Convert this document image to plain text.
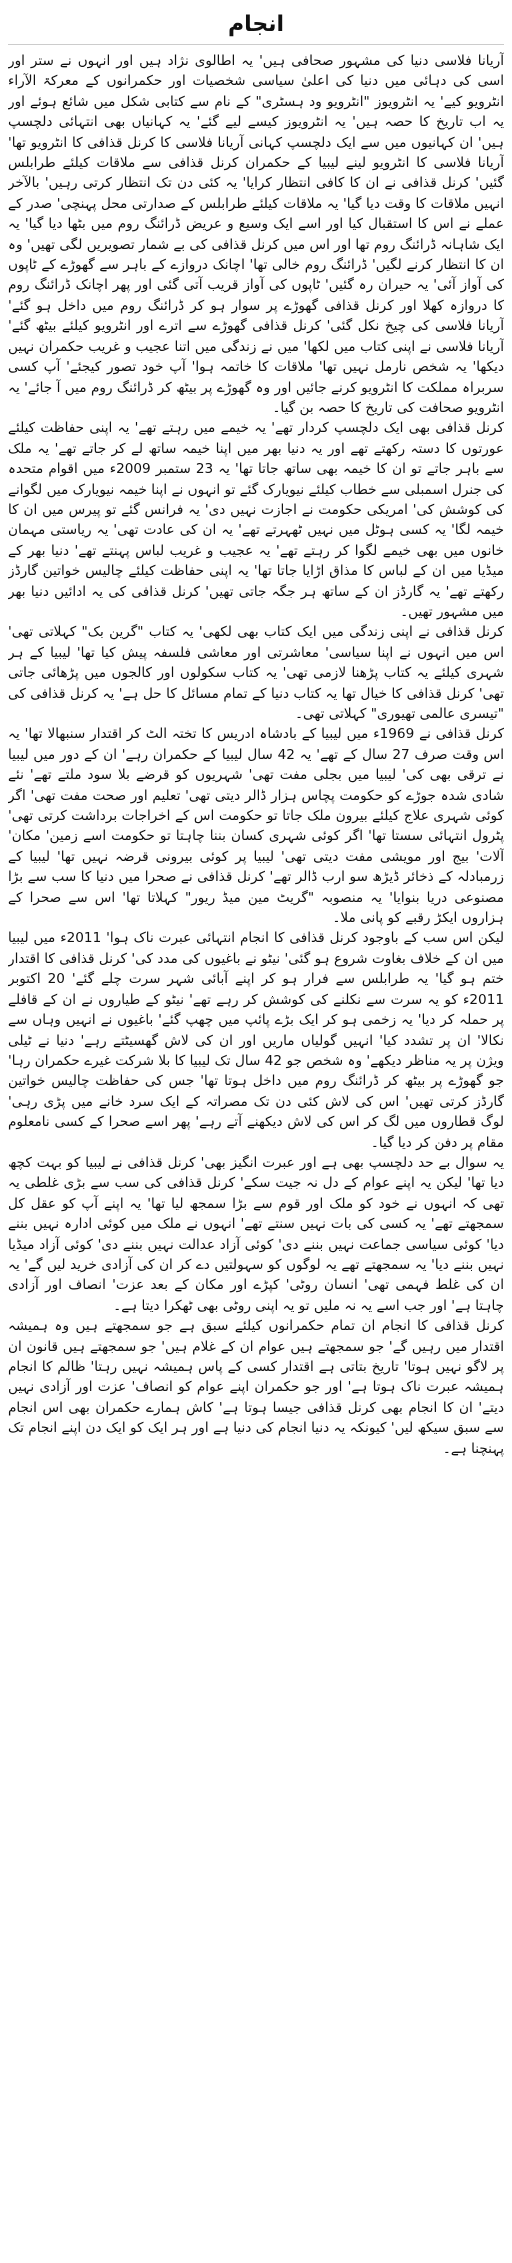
انجام

آریانا فلاسی دنیا کی مشہور صحافی ہیں' یہ اطالوی نژاد ہیں اور انہوں نے ستر اور اسی کی دہائی میں دنیا کی اعلیٰ سیاسی شخصیات اور حکمرانوں کے معرکۃ الآراء انٹرویو کیے' یہ انٹرویوز "انٹرویو ود ہسٹری" کے نام سے کتابی شکل میں شائع ہوئے اور یہ اب تاریخ کا حصہ ہیں' یہ انٹرویوز کیسے لیے گئے' یہ کہانیاں بھی انتہائی دلچسپ ہیں' ان کہانیوں میں سے ایک دلچسپ کہانی آریانا فلاسی کا کرنل قذافی کا انٹرویو تھا' آریانا فلاسی کا انٹرویو لینے لیبیا کے حکمران کرنل قذافی سے ملاقات کیلئے طرابلس گئیں' کرنل قذافی نے ان کا کافی انتظار کرایا' یہ کئی دن تک انتظار کرتی رہیں' بالآخر انہیں ملاقات کا وقت دیا گیا' یہ ملاقات کیلئے طرابلس کے صدارتی محل پہنچی' صدر کے عملے نے اس کا استقبال کیا اور اسے ایک وسیع و عریض ڈرائنگ روم میں بٹھا دیا گیا' یہ ایک شاہانہ ڈرائنگ روم تھا اور اس میں کرنل قذافی کی بے شمار تصویریں لگی تھیں' وہ ان کا انتظار کرنے لگیں' ڈرائنگ روم خالی تھا' اچانک دروازے کے باہر سے گھوڑے کے ٹاپوں کی آواز آئی' یہ حیران رہ گئیں' ٹاپوں کی آواز قریب آتی گئی اور پھر اچانک ڈرائنگ روم کا دروازہ کھلا اور کرنل قذافی گھوڑے پر سوار ہو کر ڈرائنگ روم میں داخل ہو گئے' آریانا فلاسی کی چیخ نکل گئی' کرنل قذافی گھوڑے سے اترے اور انٹرویو کیلئے بیٹھ گئے' آریانا فلاسی نے اپنی کتاب میں لکھا' میں نے زندگی میں اتنا عجیب و غریب حکمران نہیں دیکھا' یہ شخص نارمل نہیں تھا' ملاقات کا خاتمہ ہوا' آپ خود تصور کیجئے' آپ کسی سربراہ مملکت کا انٹرویو کرنے جائیں اور وہ گھوڑے پر بیٹھ کر ڈرائنگ روم میں آ جائے' یہ انٹرویو صحافت کی تاریخ کا حصہ بن گیا۔

کرنل قذافی بھی ایک دلچسپ کردار تھے' یہ خیمے میں رہتے تھے' یہ اپنی حفاظت کیلئے عورتوں کا دستہ رکھتے تھے اور یہ دنیا بھر میں اپنا خیمہ ساتھ لے کر جاتے تھے' یہ ملک سے باہر جاتے تو ان کا خیمہ بھی ساتھ جاتا تھا' یہ 23 ستمبر 2009ء میں اقوام متحدہ کی جنرل اسمبلی سے خطاب کیلئے نیویارک گئے تو انہوں نے اپنا خیمہ نیویارک میں لگوانے کی کوشش کی' امریکی حکومت نے اجازت نہیں دی' یہ فرانس گئے تو پیرس میں ان کا خیمہ لگا' یہ کسی ہوٹل میں نہیں ٹھہرتے تھے' یہ ان کی عادت تھی' یہ ریاستی مہمان خانوں میں بھی خیمے لگوا کر رہتے تھے' یہ عجیب و غریب لباس پہنتے تھے' دنیا بھر کے میڈیا میں ان کے لباس کا مذاق اڑایا جاتا تھا' یہ اپنی حفاظت کیلئے چالیس خواتین گارڈز رکھتے تھے' یہ گارڈز ان کے ساتھ ہر جگہ جاتی تھیں' کرنل قذافی کی یہ ادائیں دنیا بھر میں مشہور تھیں۔

کرنل قذافی نے اپنی زندگی میں ایک کتاب بھی لکھی' یہ کتاب "گرین بک" کہلاتی تھی' اس میں انہوں نے اپنا سیاسی' معاشرتی اور معاشی فلسفہ پیش کیا تھا' لیبیا کے ہر شہری کیلئے یہ کتاب پڑھنا لازمی تھی' یہ کتاب سکولوں اور کالجوں میں پڑھائی جاتی تھی' کرنل قذافی کا خیال تھا یہ کتاب دنیا کے تمام مسائل کا حل ہے' یہ کرنل قذافی کی "تیسری عالمی تھیوری" کہلاتی تھی۔

کرنل قذافی نے 1969ء میں لیبیا کے بادشاہ ادریس کا تختہ الٹ کر اقتدار سنبھالا تھا' یہ اس وقت صرف 27 سال کے تھے' یہ 42 سال لیبیا کے حکمران رہے' ان کے دور میں لیبیا نے ترقی بھی کی' لیبیا میں بجلی مفت تھی' شہریوں کو قرضے بلا سود ملتے تھے' نئے شادی شدہ جوڑے کو حکومت پچاس ہزار ڈالر دیتی تھی' تعلیم اور صحت مفت تھی' اگر کوئی شہری علاج کیلئے بیرون ملک جاتا تو حکومت اس کے اخراجات برداشت کرتی تھی' پٹرول انتہائی سستا تھا' اگر کوئی شہری کسان بننا چاہتا تو حکومت اسے زمین' مکان' آلات' بیج اور مویشی مفت دیتی تھی' لیبیا پر کوئی بیرونی قرضہ نہیں تھا' لیبیا کے زرمبادلہ کے ذخائر ڈیڑھ سو ارب ڈالر تھے' کرنل قذافی نے صحرا میں دنیا کا سب سے بڑا مصنوعی دریا بنوایا' یہ منصوبہ "گریٹ مین میڈ ریور" کہلاتا تھا' اس سے صحرا کے ہزاروں ایکڑ رقبے کو پانی ملا۔

لیکن اس سب کے باوجود کرنل قذافی کا انجام انتہائی عبرت ناک ہوا' 2011ء میں لیبیا میں ان کے خلاف بغاوت شروع ہو گئی' نیٹو نے باغیوں کی مدد کی' کرنل قذافی کا اقتدار ختم ہو گیا' یہ طرابلس سے فرار ہو کر اپنے آبائی شہر سرت چلے گئے' 20 اکتوبر 2011ء کو یہ سرت سے نکلنے کی کوشش کر رہے تھے' نیٹو کے طیاروں نے ان کے قافلے پر حملہ کر دیا' یہ زخمی ہو کر ایک بڑے پائپ میں چھپ گئے' باغیوں نے انہیں وہاں سے نکالا' ان پر تشدد کیا' انہیں گولیاں ماریں اور ان کی لاش گھسیٹتے رہے' دنیا نے ٹیلی ویژن پر یہ مناظر دیکھے' وہ شخص جو 42 سال تک لیبیا کا بلا شرکت غیرے حکمران رہا' جو گھوڑے پر بیٹھ کر ڈرائنگ روم میں داخل ہوتا تھا' جس کی حفاظت چالیس خواتین گارڈز کرتی تھیں' اس کی لاش کئی دن تک مصراتہ کے ایک سرد خانے میں پڑی رہی' لوگ قطاروں میں لگ کر اس کی لاش دیکھنے آتے رہے' پھر اسے صحرا کے کسی نامعلوم مقام پر دفن کر دیا گیا۔

یہ سوال بے حد دلچسپ بھی ہے اور عبرت انگیز بھی' کرنل قذافی نے لیبیا کو بہت کچھ دیا تھا' لیکن یہ اپنے عوام کے دل نہ جیت سکے' کرنل قذافی کی سب سے بڑی غلطی یہ تھی کہ انہوں نے خود کو ملک اور قوم سے بڑا سمجھ لیا تھا' یہ اپنے آپ کو عقل کل سمجھتے تھے' یہ کسی کی بات نہیں سنتے تھے' انہوں نے ملک میں کوئی ادارہ نہیں بننے دیا' کوئی سیاسی جماعت نہیں بننے دی' کوئی آزاد عدالت نہیں بننے دی' کوئی آزاد میڈیا نہیں بننے دیا' یہ سمجھتے تھے یہ لوگوں کو سہولتیں دے کر ان کی آزادی خرید لیں گے' یہ ان کی غلط فہمی تھی' انسان روٹی' کپڑے اور مکان کے بعد عزت' انصاف اور آزادی چاہتا ہے' اور جب اسے یہ نہ ملیں تو یہ اپنی روٹی بھی ٹھکرا دیتا ہے۔

کرنل قذافی کا انجام ان تمام حکمرانوں کیلئے سبق ہے جو سمجھتے ہیں وہ ہمیشہ اقتدار میں رہیں گے' جو سمجھتے ہیں عوام ان کے غلام ہیں' جو سمجھتے ہیں قانون ان پر لاگو نہیں ہوتا' تاریخ بتاتی ہے اقتدار کسی کے پاس ہمیشہ نہیں رہتا' ظالم کا انجام ہمیشہ عبرت ناک ہوتا ہے' اور جو حکمران اپنے عوام کو انصاف' عزت اور آزادی نہیں دیتے' ان کا انجام بھی کرنل قذافی جیسا ہوتا ہے' کاش ہمارے حکمران بھی اس انجام سے سبق سیکھ لیں' کیونکہ یہ دنیا انجام کی دنیا ہے اور ہر ایک کو ایک دن اپنے انجام تک پہنچنا ہے۔
